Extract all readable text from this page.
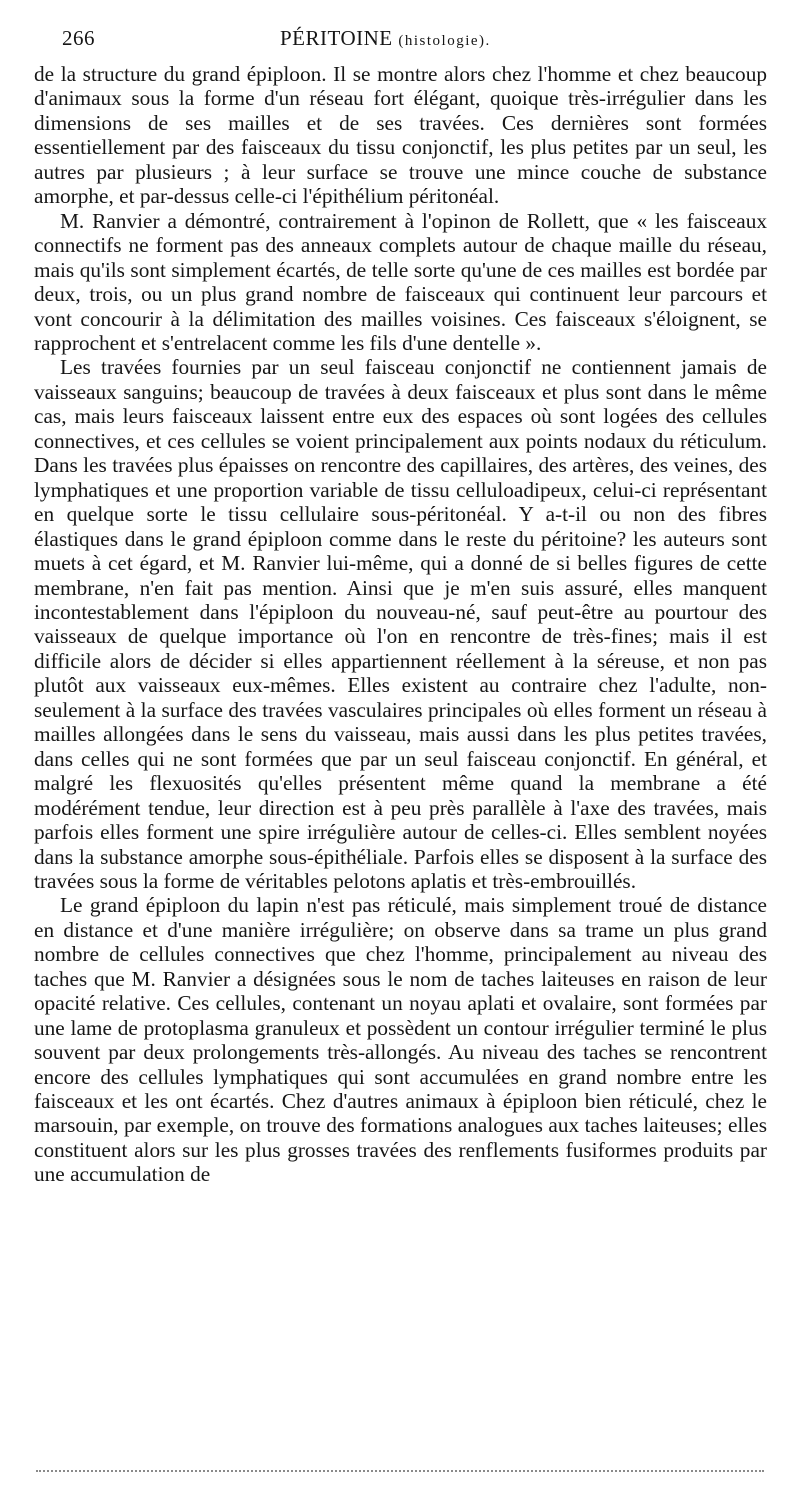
266	PÉRITOINE (histologie).

de la structure du grand épiploon. Il se montre alors chez l'homme et chez beaucoup d'animaux sous la forme d'un réseau fort élégant, quoique très-irrégulier dans les dimensions de ses mailles et de ses travées. Ces dernières sont formées essentiellement par des faisceaux du tissu conjonctif, les plus petites par un seul, les autres par plusieurs ; à leur surface se trouve une mince couche de substance amorphe, et par-dessus celle-ci l'épithélium péritonéal.

M. Ranvier a démontré, contrairement à l'opinon de Rollett, que « les faisceaux connectifs ne forment pas des anneaux complets autour de chaque maille du réseau, mais qu'ils sont simplement écartés, de telle sorte qu'une de ces mailles est bordée par deux, trois, ou un plus grand nombre de faisceaux qui continuent leur parcours et vont concourir à la délimitation des mailles voisines. Ces faisceaux s'éloignent, se rapprochent et s'entrelacent comme les fils d'une dentelle ».

Les travées fournies par un seul faisceau conjonctif ne contiennent jamais de vaisseaux sanguins; beaucoup de travées à deux faisceaux et plus sont dans le même cas, mais leurs faisceaux laissent entre eux des espaces où sont logées des cellules connectives, et ces cellules se voient principalement aux points nodaux du réticulum. Dans les travées plus épaisses on rencontre des capillaires, des artères, des veines, des lymphatiques et une proportion variable de tissu celluloadipeux, celui-ci représentant en quelque sorte le tissu cellulaire sous-péritonéal. Y a-t-il ou non des fibres élastiques dans le grand épiploon comme dans le reste du péritoine? les auteurs sont muets à cet égard, et M. Ranvier lui-même, qui a donné de si belles figures de cette membrane, n'en fait pas mention. Ainsi que je m'en suis assuré, elles manquent incontestablement dans l'épiploon du nouveau-né, sauf peut-être au pourtour des vaisseaux de quelque importance où l'on en rencontre de très-fines; mais il est difficile alors de décider si elles appartiennent réellement à la séreuse, et non pas plutôt aux vaisseaux eux-mêmes. Elles existent au contraire chez l'adulte, non-seulement à la surface des travées vasculaires principales où elles forment un réseau à mailles allongées dans le sens du vaisseau, mais aussi dans les plus petites travées, dans celles qui ne sont formées que par un seul faisceau conjonctif. En général, et malgré les flexuosités qu'elles présentent même quand la membrane a été modérément tendue, leur direction est à peu près parallèle à l'axe des travées, mais parfois elles forment une spire irrégulière autour de celles-ci. Elles semblent noyées dans la substance amorphe sous-épithéliale. Parfois elles se disposent à la surface des travées sous la forme de véritables pelotons aplatis et très-embrouillés.

Le grand épiploon du lapin n'est pas réticulé, mais simplement troué de distance en distance et d'une manière irrégulière; on observe dans sa trame un plus grand nombre de cellules connectives que chez l'homme, principalement au niveau des taches que M. Ranvier a désignées sous le nom de taches laiteuses en raison de leur opacité relative. Ces cellules, contenant un noyau aplati et ovalaire, sont formées par une lame de protoplasma granuleux et possèdent un contour irrégulier terminé le plus souvent par deux prolongements très-allongés. Au niveau des taches se rencontrent encore des cellules lymphatiques qui sont accumulées en grand nombre entre les faisceaux et les ont écartés. Chez d'autres animaux à épiploon bien réticulé, chez le marsouin, par exemple, on trouve des formations analogues aux taches laiteuses; elles constituent alors sur les plus grosses travées des renflements fusiformes produits par une accumulation de
